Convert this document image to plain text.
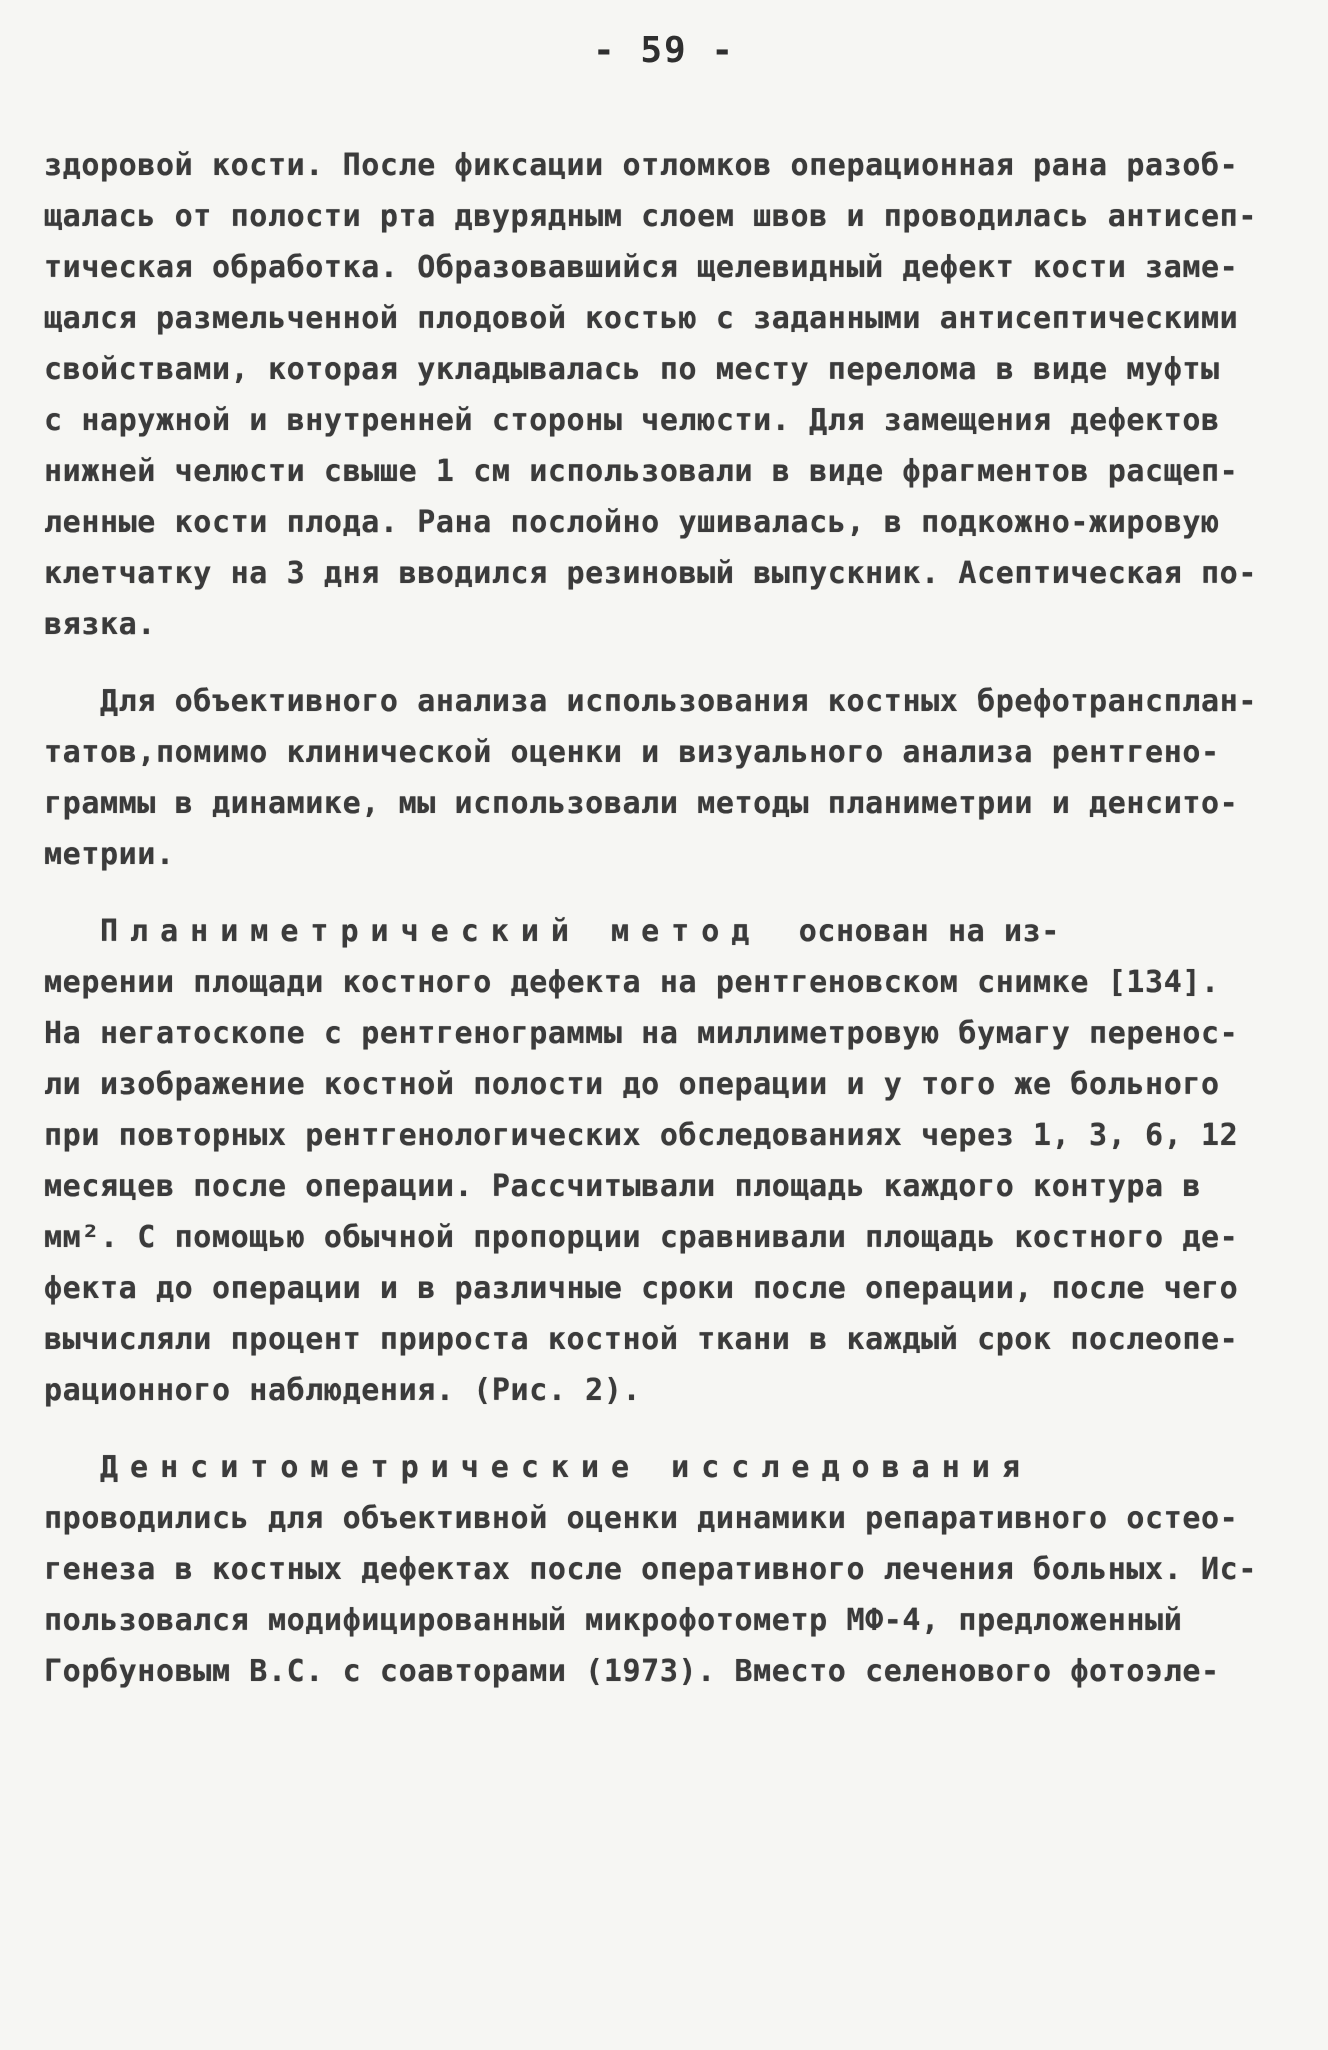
- 59 -
здоровой кости. После фиксации отломков операционная рана разоб-
щалась от полости рта двурядным слоем швов и проводилась антисеп-
тическая обработка. Образовавшийся щелевидный дефект кости заме-
щался размельченной плодовой костью с заданными антисептическими
свойствами, которая укладывалась по месту перелома в виде муфты
с наружной и внутренней стороны челюсти. Для замещения дефектов
нижней челюсти свыше 1 см использовали в виде фрагментов расщеп-
ленные кости плода. Рана послойно ушивалась, в подкожно-жировую
клетчатку на 3 дня вводился резиновый выпускник. Асептическая по-
вязка.
Для объективного анализа использования костных брефотрансплан-
татов,помимо клинической оценки и визуального анализа рентгено-
граммы в динамике, мы использовали методы планиметрии и денсито-
метрии.
Планиметрический метод основан на из-
мерении площади костного дефекта на рентгеновском снимке [134].
На негатоскопе с рентгенограммы на миллиметровую бумагу перенос-
ли изображение костной полости до операции и у того же больного
при повторных рентгенологических обследованиях через 1, 3, 6, 12
месяцев после операции. Рассчитывали площадь каждого контура в
мм². С помощью обычной пропорции сравнивали площадь костного де-
фекта до операции и в различные сроки после операции, после чего
вычисляли процент прироста костной ткани в каждый срок послеопе-
рационного наблюдения. (Рис. 2).
Денситометрические исследования
проводились для объективной оценки динамики репаративного остео-
генеза в костных дефектах после оперативного лечения больных. Ис-
пользовался модифицированный микрофотометр МФ-4, предложенный
Горбуновым В.С. с соавторами (1973). Вместо селенового фотоэле-
